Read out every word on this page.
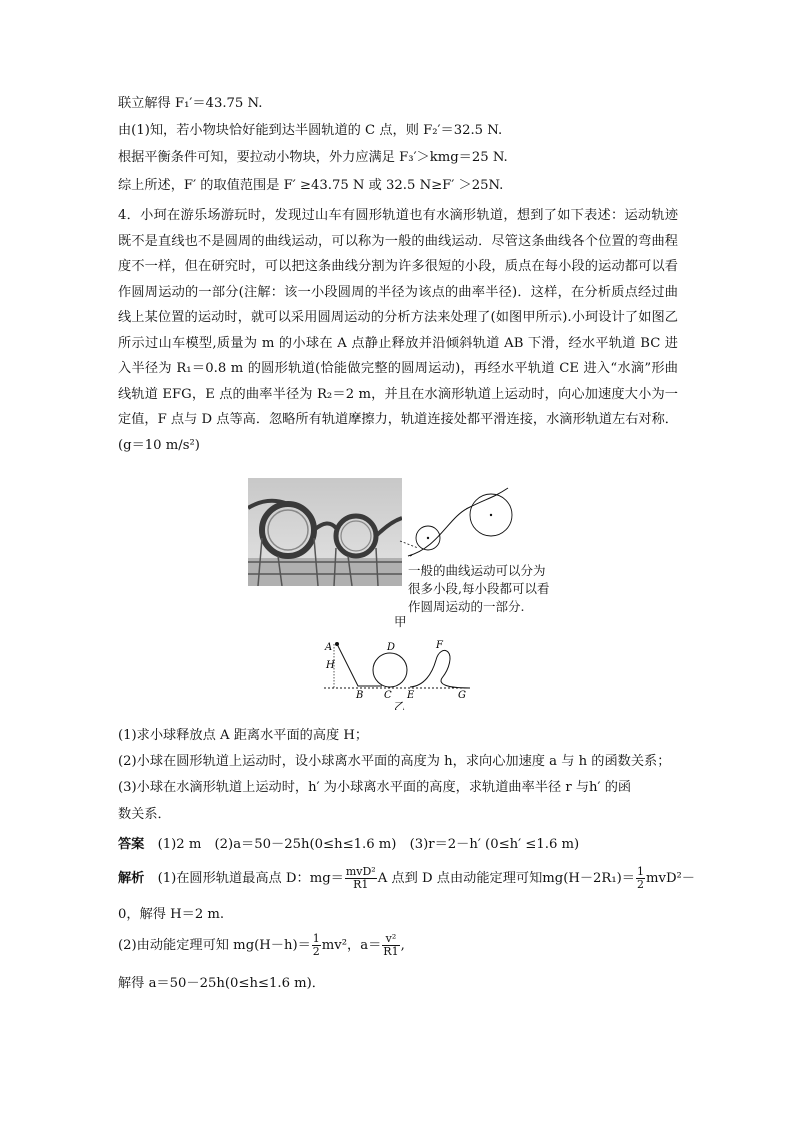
联立解得 F₁′＝43.75 N.
由(1)知，若小物块恰好能到达半圆轨道的 C 点，则 F₂′＝32.5 N.
根据平衡条件可知，要拉动小物块，外力应满足 F₃′＞kmg＝25 N.
综上所述，F′ 的取值范围是 F′ ≥43.75 N 或 32.5 N≥F′ ＞25N.
4．小珂在游乐场游玩时，发现过山车有圆形轨道也有水滴形轨道，想到了如下表述：运动轨迹既不是直线也不是圆周的曲线运动，可以称为一般的曲线运动．尽管这条曲线各个位置的弯曲程度不一样，但在研究时，可以把这条曲线分割为许多很短的小段，质点在每小段的运动都可以看作圆周运动的一部分(注解：该一小段圆周的半径为该点的曲率半径)．这样，在分析质点经过曲线上某位置的运动时，就可以采用圆周运动的分析方法来处理了(如图甲所示).小珂设计了如图乙所示过山车模型,质量为 m 的小球在 A 点静止释放并沿倾斜轨道 AB 下滑，经水平轨道 BC 进入半径为 R₁＝0.8 m 的圆形轨道(恰能做完整的圆周运动)，再经水平轨道 CE 进入“水滴”形曲线轨道 EFG，E 点的曲率半径为 R₂＝2 m，并且在水滴形轨道上运动时，向心加速度大小为一定值，F 点与 D 点等高．忽略所有轨道摩擦力，轨道连接处都平滑连接，水滴形轨道左右对称．(g＝10 m/s²)
一般的曲线运动可以分为
很多小段,每小段都可以看
作圆周运动的一部分.
甲
A
H
B C
D
E
F
G
乙
(1)求小球释放点 A 距离水平面的高度 H；
(2)小球在圆形轨道上运动时，设小球离水平面的高度为 h，求向心加速度 a 与 h 的函数关系；
(3)小球在水滴形轨道上运动时，h′ 为小球离水平面的高度，求轨道曲率半径 r 与h′ 的函
数关系．
答案　 (1)2 m　(2)a＝50－25h(0≤h≤1.6 m)　(3)r＝2－h′ (0≤h′ ≤1.6 m)
解析　 (1)在圆形轨道最高点 D：$mg= \frac{\text{mvD²}}{R1}$ A 点到 D 点由动能定理可知$mg(H-2R_1)= \frac{1}{2} mvD^2-$
0，解得 H＝2 m.
(2)由动能定理可知 $mg(H-h)= \frac{1}{2} mv^2$，$a= \frac{\text{v²}}{R1}$ ,
解得 a＝50－25h(0≤h≤1.6 m)．
